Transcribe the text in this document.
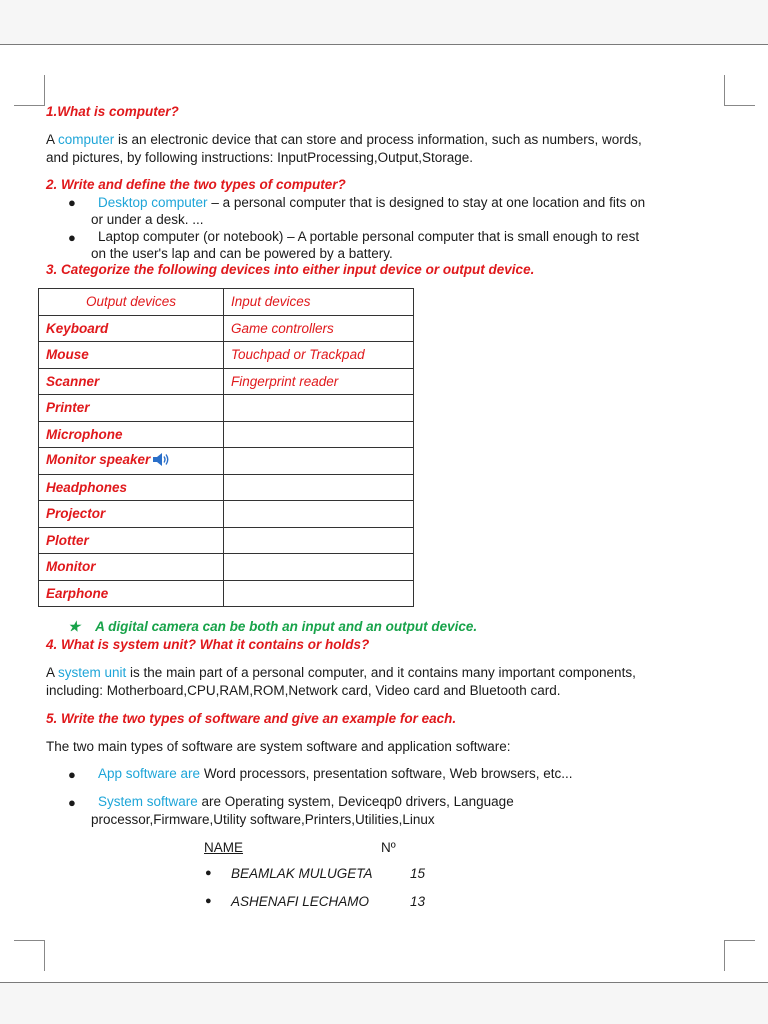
1.What is computer?
A computer is an electronic device that can store and process information, such as numbers, words,
and pictures, by following instructions: InputProcessing,Output,Storage.
2. Write and define the two types of computer?
● Desktop computer – a personal computer that is designed to stay at one location and fits on
or under a desk. ...
● Laptop computer (or notebook) – A portable personal computer that is small enough to rest
on the user's lap and can be powered by a battery.
3. Categorize the following devices into either input device or output device.
Output devices	Input devices
Keyboard	Game controllers
Mouse	Touchpad or Trackpad
Scanner	Fingerprint reader
Printer	
Microphone	
Monitor speaker	
Headphones	
Projector	
Plotter	
Monitor	
Earphone	
★ A digital camera can be both an input and an output device.
4. What is system unit? What it contains or holds?
A system unit is the main part of a personal computer, and it contains many important components,
including: Motherboard,CPU,RAM,ROM,Network card, Video card and Bluetooth card.
5. Write the two types of software and give an example for each.
The two main types of software are system software and application software:
● App software are Word processors, presentation software, Web browsers, etc...
● System software are Operating system, Deviceqp0 drivers, Language
processor,Firmware,Utility software,Printers,Utilities,Linux
NAME	Nº
● BEAMLAK MULUGETA	15
● ASHENAFI LECHAMO	13
